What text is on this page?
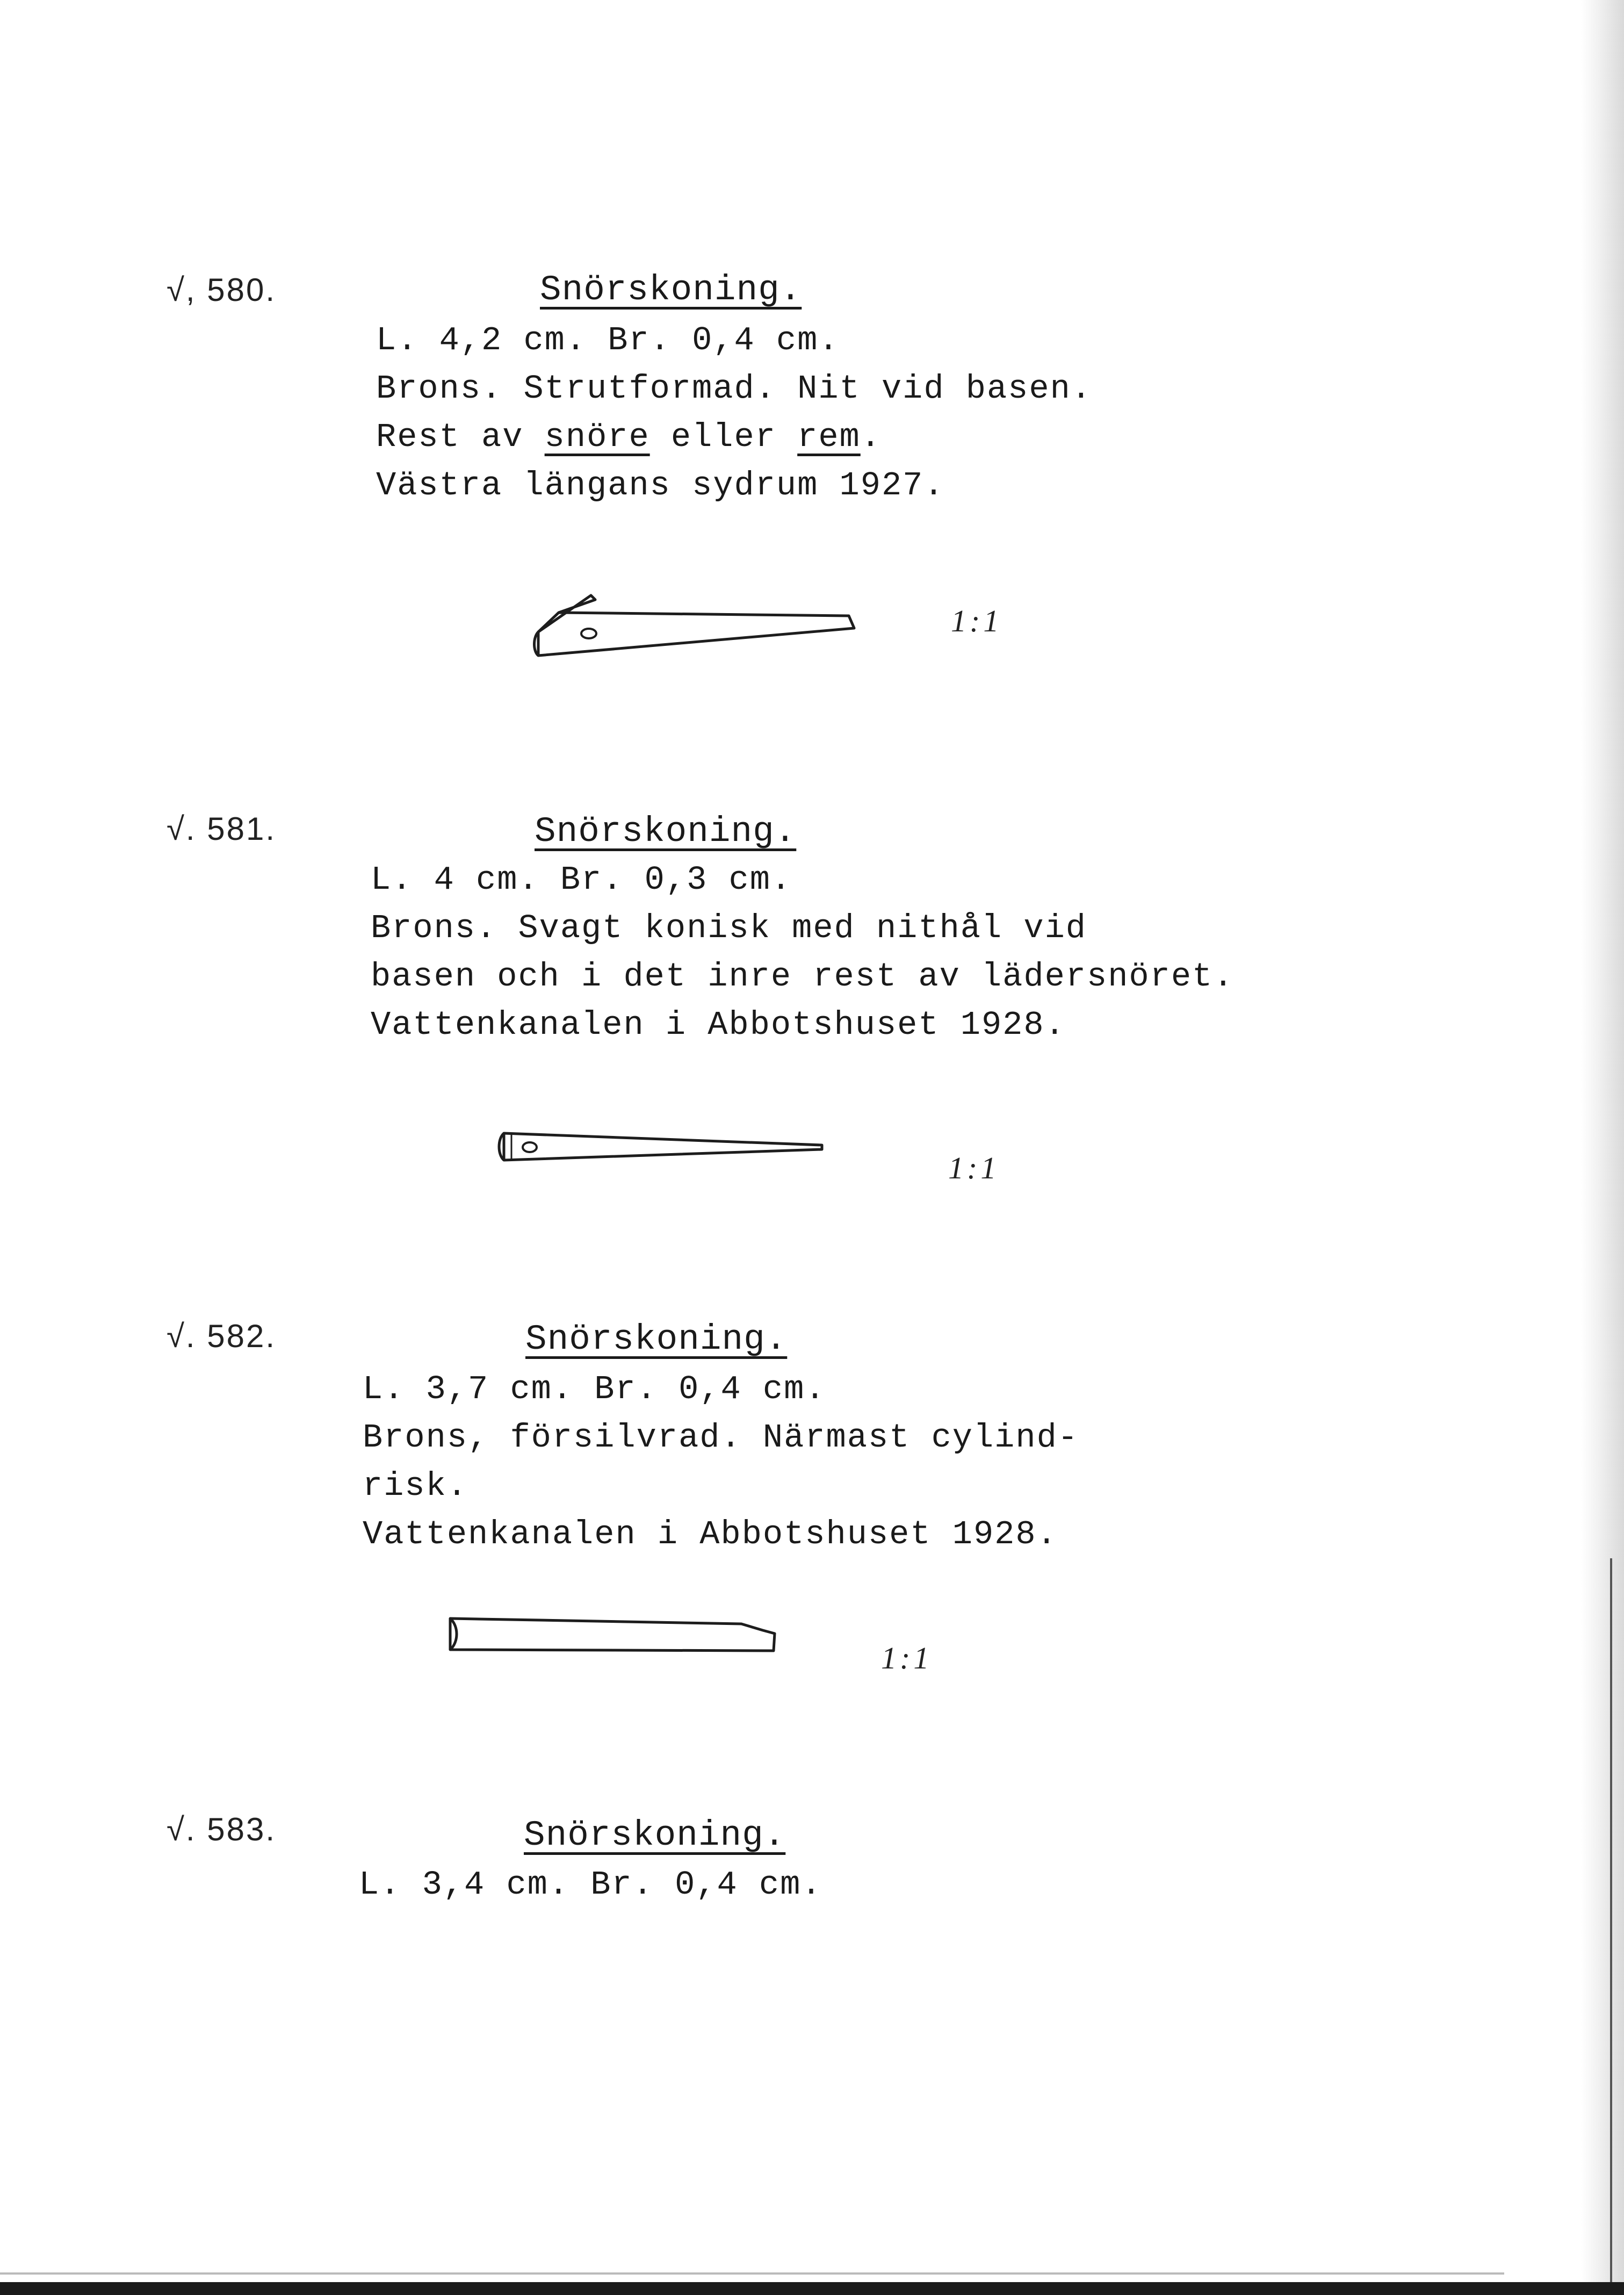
√, 580.	Snörskoning.
L. 4,2 cm. Br. 0,4 cm.
Brons. Strutformad. Nit vid basen.
Rest av snöre eller rem.
Västra längans sydrum 1927.
1:1
√. 581.	Snörskoning.
L. 4 cm. Br. 0,3 cm.
Brons. Svagt konisk med nithål vid
basen och i det inre rest av lädersnöret.
Vattenkanalen i Abbotshuset 1928.
1:1
√. 582.	Snörskoning.
L. 3,7 cm. Br. 0,4 cm.
Brons, försilvrad. Närmast cylind-
risk.
Vattenkanalen i Abbotshuset 1928.
1:1
√. 583.	Snörskoning.
L. 3,4 cm. Br. 0,4 cm.
